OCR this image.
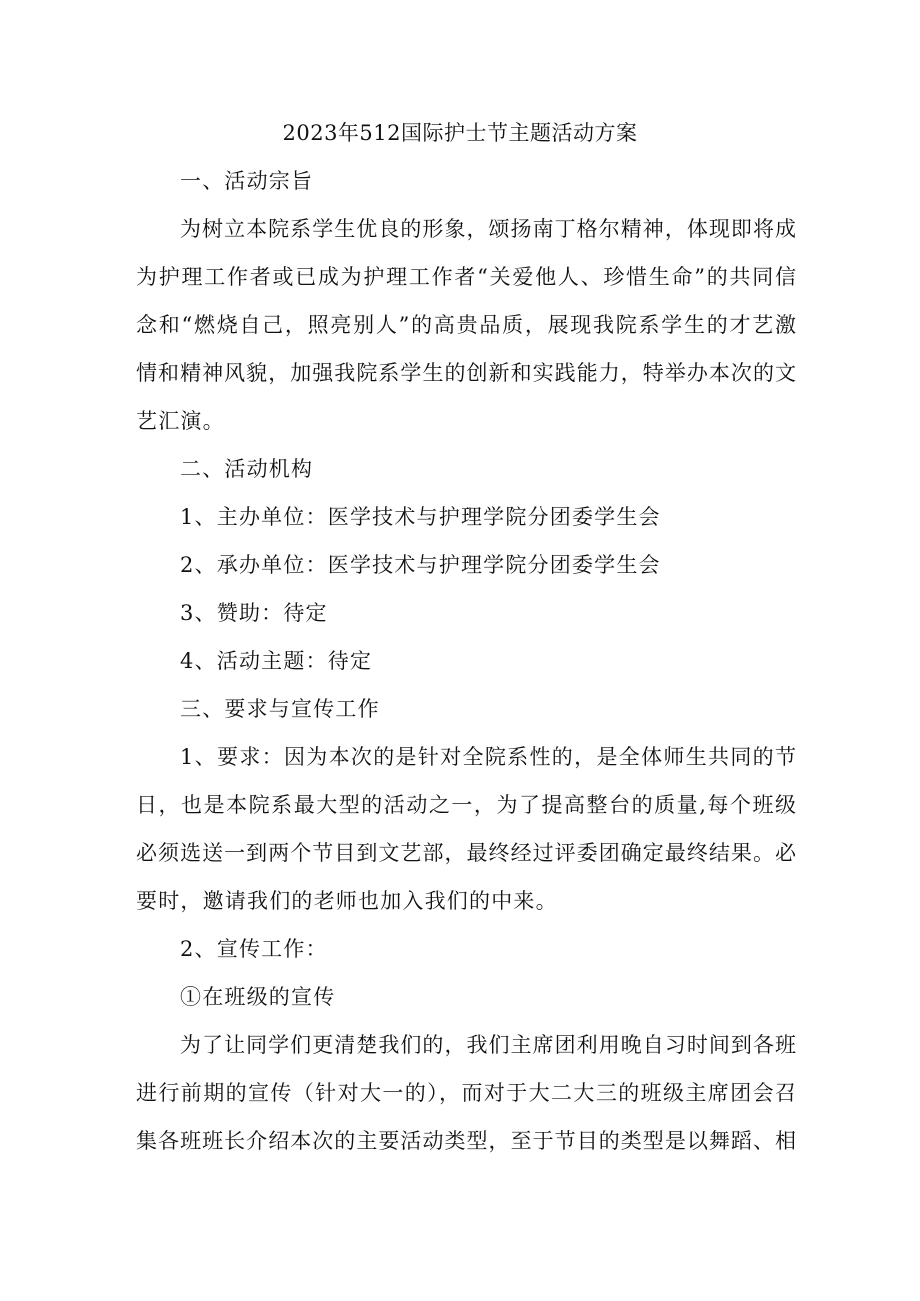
2023年512国际护士节主题活动方案
一、活动宗旨
为树立本院系学生优良的形象，颂扬南丁格尔精神，体现即将成
为护理工作者或已成为护理工作者“关爱他人、珍惜生命”的共同信
念和“燃烧自己，照亮别人”的高贵品质，展现我院系学生的才艺激
情和精神风貌，加强我院系学生的创新和实践能力，特举办本次的文
艺汇演。
二、活动机构
1、主办单位：医学技术与护理学院分团委学生会
2、承办单位：医学技术与护理学院分团委学生会
3、赞助：待定
4、活动主题：待定
三、要求与宣传工作
1、要求：因为本次的是针对全院系性的，是全体师生共同的节
日，也是本院系最大型的活动之一，为了提高整台的质量,每个班级
必须选送一到两个节目到文艺部，最终经过评委团确定最终结果。必
要时，邀请我们的老师也加入我们的中来。
2、宣传工作：
①在班级的宣传
为了让同学们更清楚我们的，我们主席团利用晚自习时间到各班
进行前期的宣传（针对大一的），而对于大二大三的班级主席团会召
集各班班长介绍本次的主要活动类型，至于节目的类型是以舞蹈、相
